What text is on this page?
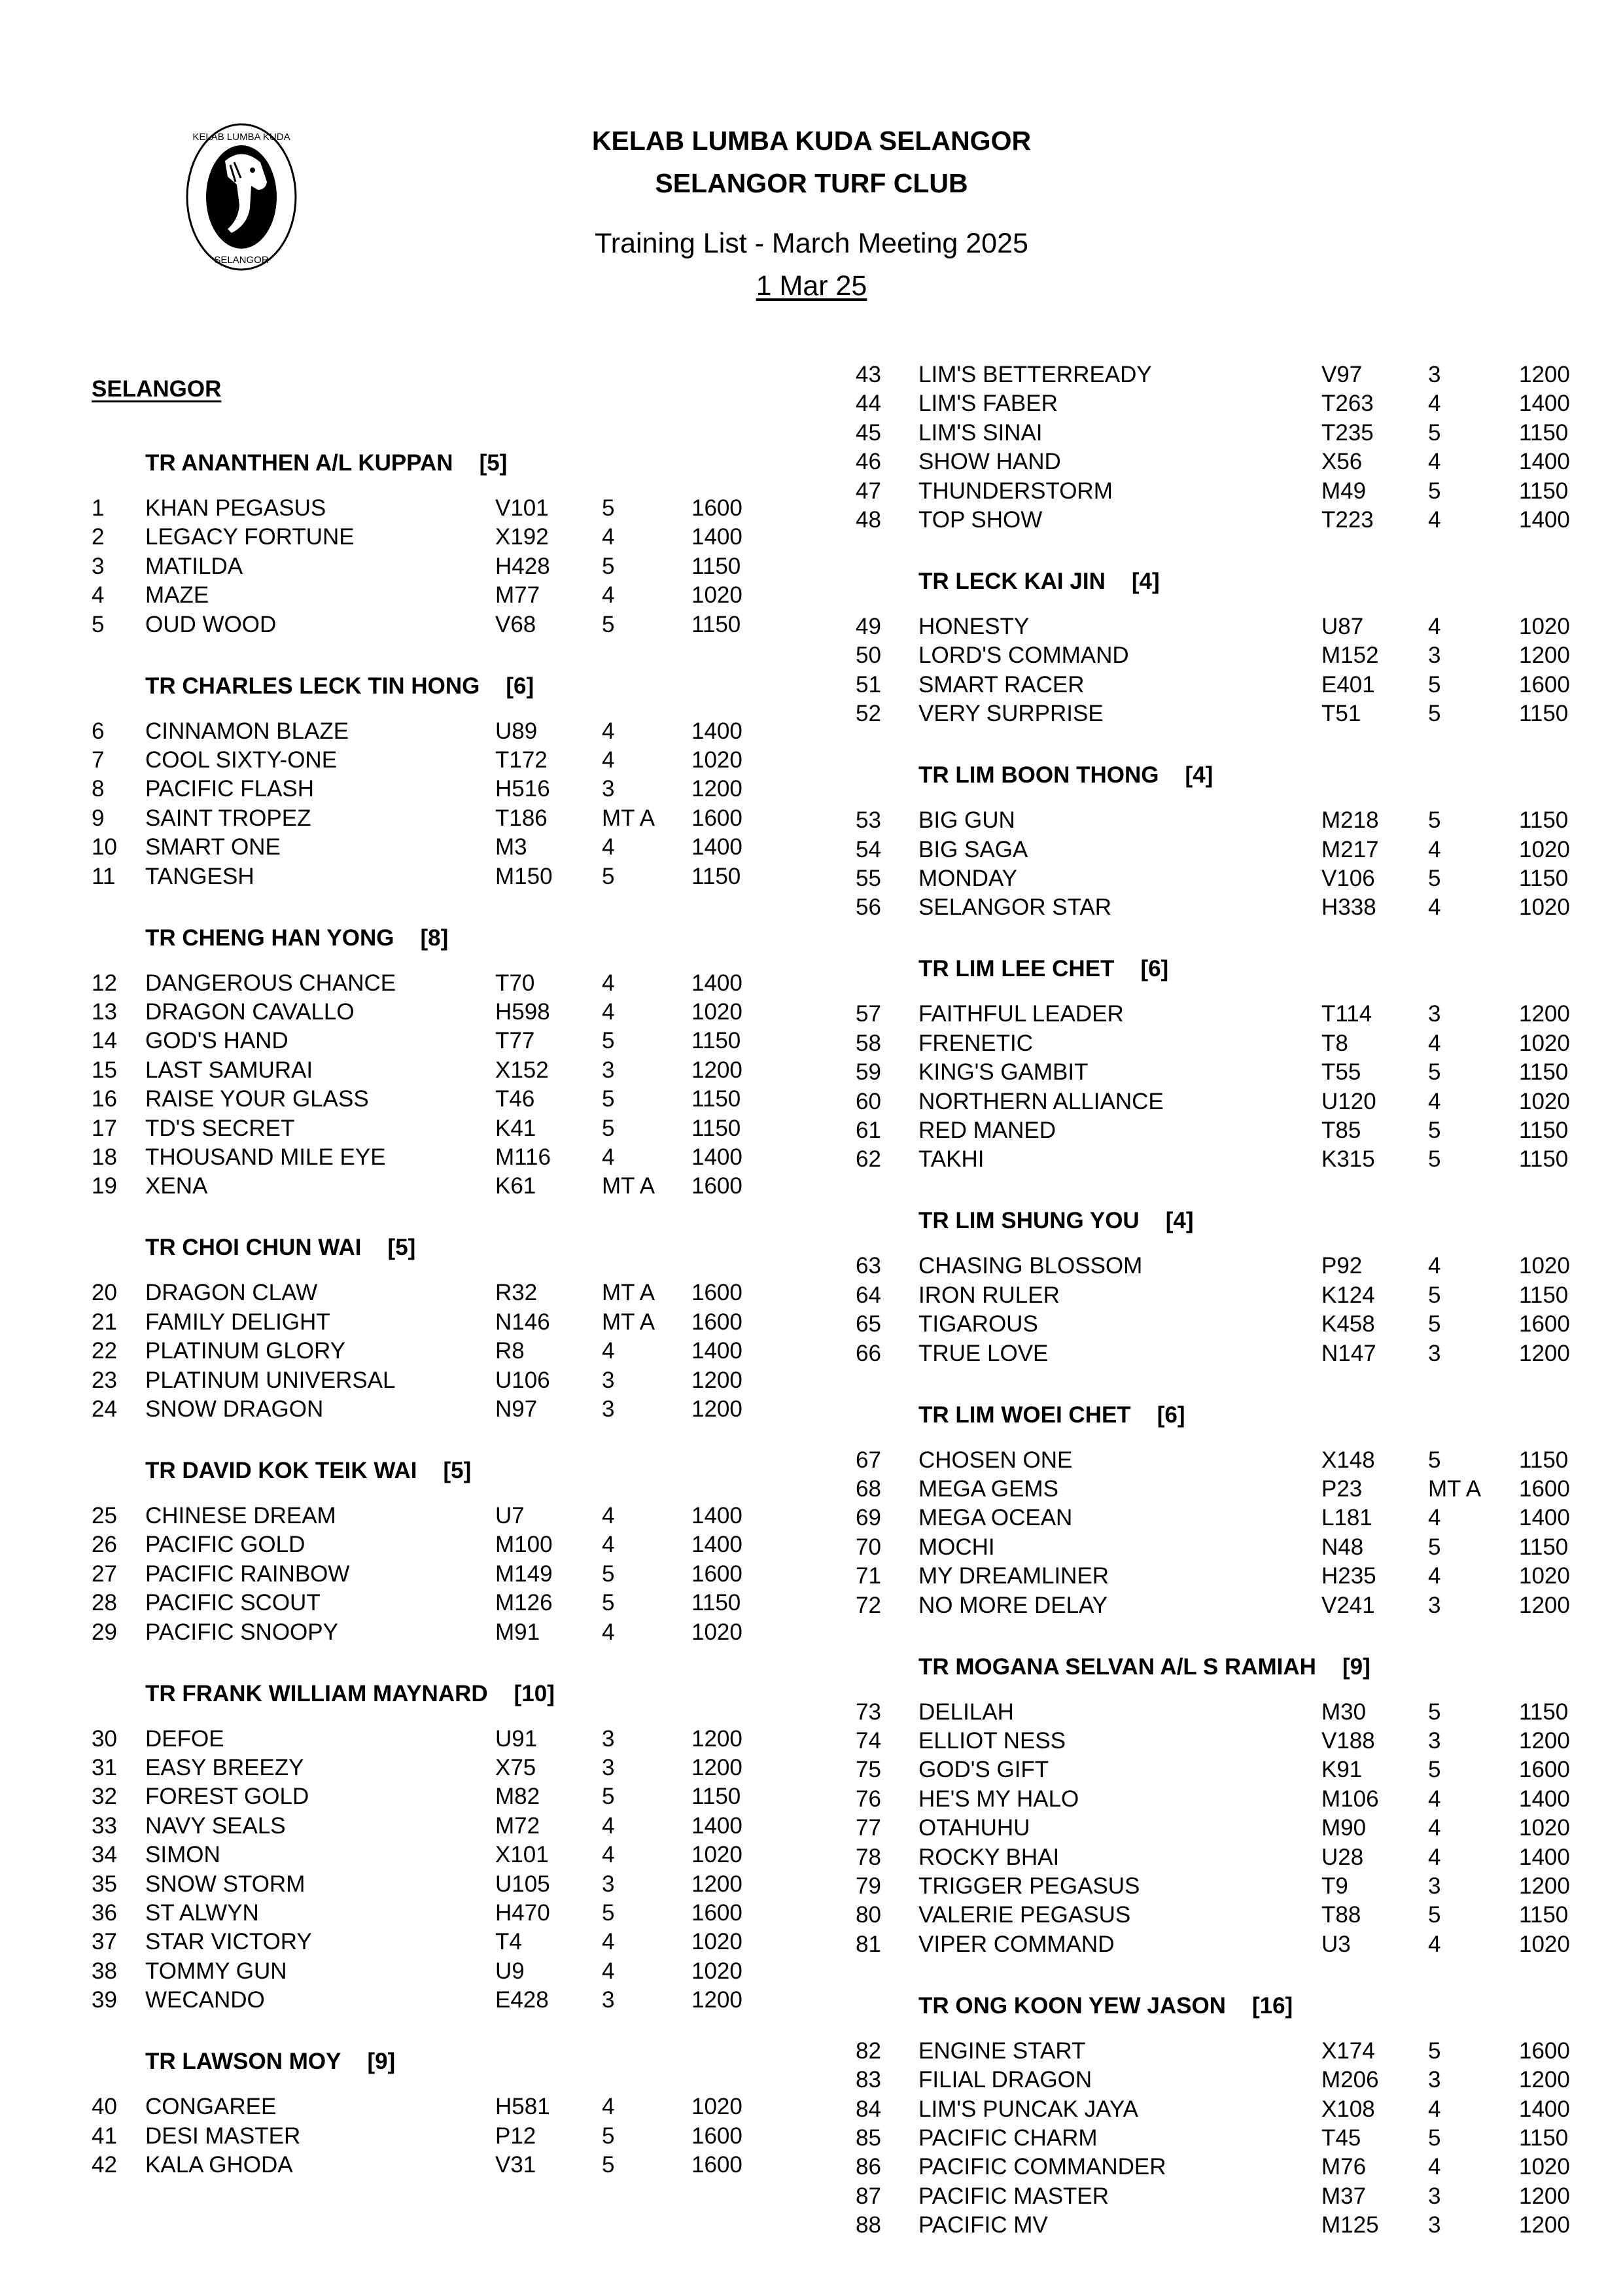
KELAB LUMBA KUDA
SELANGOR
KELAB LUMBA KUDA SELANGOR
SELANGOR TURF CLUB
Training List - March Meeting 2025
1 Mar 25
SELANGOR
TR ANANTHEN A/L KUPPAN [5]
1 KHAN PEGASUS	V101 5	1600
2 LEGACY FORTUNE	X192 4	1400
3 MATILDA	H428 5	1150
4 MAZE	M77	4	1020
5 OUD WOOD	V68	5	1150
TR CHARLES LECK TIN HONG [6]
6 CINNAMON BLAZE	U89	4	1400
7 COOL SIXTY-ONE	T172 4	1020
8 PACIFIC FLASH	H516 3	1200
9 SAINT TROPEZ	T186 MT A 1600
10 SMART ONE	M3	4	1400
11 TANGESH	M150 5	1150
TR CHENG HAN YONG [8]
12 DANGEROUS CHANCE	T70	4	1400
13 DRAGON CAVALLO	H598 4	1020
14 GOD'S HAND	T77	5	1150
15 LAST SAMURAI	X152 3	1200
16 RAISE YOUR GLASS	T46	5	1150
17 TD'S SECRET	K41	5	1150
18 THOUSAND MILE EYE	M116 4	1400
19 XENA	K61	MT A 1600
TR CHOI CHUN WAI [5]
20 DRAGON CLAW	R32	MT A 1600
21 FAMILY DELIGHT	N146 MT A 1600
22 PLATINUM GLORY	R8	4	1400
23 PLATINUM UNIVERSAL	U106 3	1200
24 SNOW DRAGON	N97	3	1200
TR DAVID KOK TEIK WAI [5]
25 CHINESE DREAM	U7	4	1400
26 PACIFIC GOLD	M100 4	1400
27 PACIFIC RAINBOW	M149 5	1600
28 PACIFIC SCOUT	M126 5	1150
29 PACIFIC SNOOPY	M91	4	1020
TR FRANK WILLIAM MAYNARD [10]
30 DEFOE	U91	3	1200
31 EASY BREEZY	X75	3	1200
32 FOREST GOLD	M82	5	1150
33 NAVY SEALS	M72	4	1400
34 SIMON	X101 4	1020
35 SNOW STORM	U105 3	1200
36 ST ALWYN	H470 5	1600
37 STAR VICTORY	T4	4	1020
38 TOMMY GUN	U9	4	1020
39 WECANDO	E428 3	1200
TR LAWSON MOY [9]
40 CONGAREE	H581 4	1020
41 DESI MASTER	P12	5	1600
42 KALA GHODA	V31	5	1600
43 LIM'S BETTERREADY	V97	3	1200
44 LIM'S FABER	T263 4	1400
45 LIM'S SINAI	T235 5	1150
46 SHOW HAND	X56	4	1400
47 THUNDERSTORM	M49	5	1150
48 TOP SHOW	T223 4	1400
TR LECK KAI JIN [4]
49 HONESTY	U87	4	1020
50 LORD'S COMMAND	M152 3	1200
51 SMART RACER	E401 5	1600
52 VERY SURPRISE	T51	5	1150
TR LIM BOON THONG [4]
53 BIG GUN	M218 5	1150
54 BIG SAGA	M217 4	1020
55 MONDAY	V106 5	1150
56 SELANGOR STAR	H338 4	1020
TR LIM LEE CHET [6]
57 FAITHFUL LEADER	T114 3	1200
58 FRENETIC	T8	4	1020
59 KING'S GAMBIT	T55	5	1150
60 NORTHERN ALLIANCE	U120 4	1020
61 RED MANED	T85	5	1150
62 TAKHI	K315 5	1150
TR LIM SHUNG YOU [4]
63 CHASING BLOSSOM	P92	4	1020
64 IRON RULER	K124 5	1150
65 TIGAROUS	K458 5	1600
66 TRUE LOVE	N147 3	1200
TR LIM WOEI CHET [6]
67 CHOSEN ONE	X148 5	1150
68 MEGA GEMS	P23	MT A 1600
69 MEGA OCEAN	L181 4	1400
70 MOCHI	N48	5	1150
71 MY DREAMLINER	H235 4	1020
72 NO MORE DELAY	V241 3	1200
TR MOGANA SELVAN A/L S RAMIAH [9]
73 DELILAH	M30	5	1150
74 ELLIOT NESS	V188 3	1200
75 GOD'S GIFT	K91	5	1600
76 HE'S MY HALO	M106 4	1400
77 OTAHUHU	M90	4	1020
78 ROCKY BHAI	U28	4	1400
79 TRIGGER PEGASUS	T9	3	1200
80 VALERIE PEGASUS	T88	5	1150
81 VIPER COMMAND	U3	4	1020
TR ONG KOON YEW JASON [16]
82 ENGINE START	X174 5	1600
83 FILIAL DRAGON	M206 3	1200
84 LIM'S PUNCAK JAYA	X108 4	1400
85 PACIFIC CHARM	T45	5	1150
86 PACIFIC COMMANDER	M76	4	1020
87 PACIFIC MASTER	M37	3	1200
88 PACIFIC MV	M125 3	1200
